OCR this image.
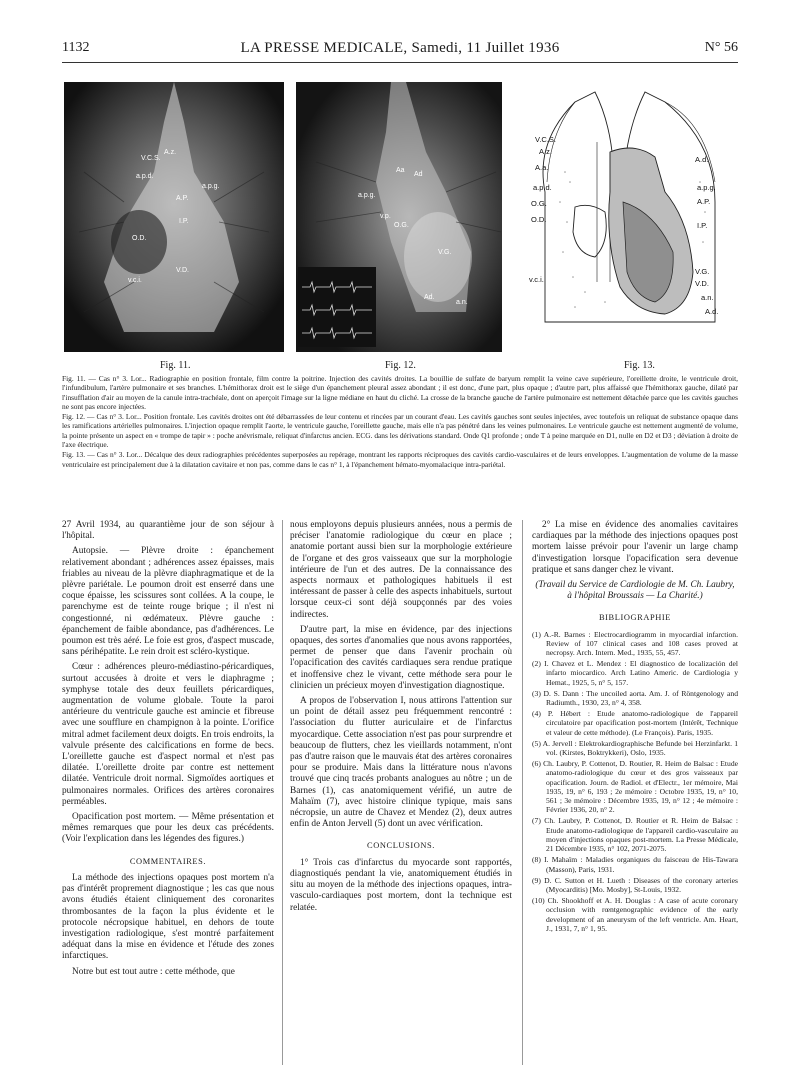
1132	LA PRESSE MEDICALE, Samedi, 11 Juillet 1936	N° 56
V.C.S.
A.z.
a.p.d.
a.p.g.
A.P.
I.P.
O.D.
V.D.
v.c.i.
Aa
Ad
a.p.g.
O.G.
v.p.
V.G.
Ad.
a.n.
V.C.S.
A.z.
A.a.
a.p.d.
O.G.
O.D.
v.c.i.
A.d.
a.p.g.
A.P.
I.P.
V.G.
V.D.
a.n.
A.d.
Fig. 11.	Fig. 12.	Fig. 13.

Fig. 11. — Cas n° 3. Lor... Radiographie en position frontale, film contre la poitrine. Injection des cavités droites. La bouillie de sulfate de baryum remplit la veine cave supérieure, l'oreillette droite, le ventricule droit, l'infundibulum, l'artère pulmonaire et ses branches. L'hémithorax droit est le siège d'un épanchement pleural assez abondant ; il est donc, d'une part, plus opaque ; d'autre part, plus affaissé que l'hémithorax gauche, dilaté par l'insufflation d'air au moyen de la canule intra-trachéale, dont on aperçoit l'image sur la ligne médiane en haut du cliché. La crosse de la branche gauche de l'artère pulmonaire est nettement détachée parce que les cavités gauches ne sont pas encore injectées.

Fig. 12. — Cas n° 3. Lor... Position frontale. Les cavités droites ont été débarrassées de leur contenu et rincées par un courant d'eau. Les cavités gauches sont seules injectées, avec toutefois un reliquat de substance opaque dans les ramifications artérielles pulmonaires. L'injection opaque remplit l'aorte, le ventricule gauche, l'oreillette gauche, mais elle n'a pas pénétré dans les veines pulmonaires. Le ventricule gauche est nettement augmenté de volume, la pointe présente un aspect en « trompe de tapir » : poche anévrismale, reliquat d'infarctus ancien. ECG. dans les dérivations standard. Onde Q1 profonde ; onde T à peine marquée en D1, nulle en D2 et D3 ; déviation à droite de l'axe électrique.

Fig. 13. — Cas n° 3. Lor... Décalque des deux radiographies précédentes superposées au repérage, montrant les rapports réciproques des cavités cardio-vasculaires et de leurs enveloppes. L'augmentation de volume de la masse ventriculaire est principalement due à la dilatation cavitaire et non pas, comme dans le cas n° 1, à l'épanchement hémato-myomalacique intra-pariétal.

27 Avril 1934, au quarantième jour de son séjour à l'hôpital.

Autopsie. — Plèvre droite : épanchement relativement abondant ; adhérences assez épaisses, mais friables au niveau de la plèvre diaphragmatique et de la plèvre pariétale. Le poumon droit est enserré dans une coque épaisse, les scissures sont collées. A la coupe, le parenchyme est de teinte rouge brique ; il n'est ni congestionné, ni œdémateux. Plèvre gauche : épanchement de faible abondance, pas d'adhérences. Le poumon est très aéré. Le foie est gros, d'aspect muscade, sans périhépatite. Le rein droit est scléro-kystique.

Cœur : adhérences pleuro-médiastino-péricardiques, surtout accusées à droite et vers le diaphragme ; symphyse totale des deux feuillets péricardiques, augmentation de volume globale. Toute la paroi antérieure du ventricule gauche est amincie et fibreuse avec une soufflure en champignon à la pointe. L'orifice mitral admet facilement deux doigts. En trois endroits, la valvule présente des calcifications en forme de becs. L'oreillette gauche est d'aspect normal et n'est pas dilatée. L'oreillette droite par contre est nettement dilatée. Ventricule droit normal. Sigmoïdes aortiques et pulmonaires normales. Orifices des artères coronaires perméables.

Opacification post mortem. — Même présentation et mêmes remarques que pour les deux cas précédents. (Voir l'explication dans les légendes des figures.)

COMMENTAIRES.

La méthode des injections opaques post mortem n'a pas d'intérêt proprement diagnostique ; les cas que nous avons étudiés étaient cliniquement des coronarites thrombosantes de la façon la plus évidente et le protocole nécropsique habituel, en dehors de toute investigation radiologique, s'est montré parfaitement adéquat dans la mise en évidence et l'étude des zones infarctiques.

Notre but est tout autre : cette méthode, que

nous employons depuis plusieurs années, nous a permis de préciser l'anatomie radiologique du cœur en place ; anatomie portant aussi bien sur la morphologie extérieure de l'organe et des gros vaisseaux que sur la morphologie intérieure de l'un et des autres. De la connaissance des aspects normaux et pathologiques habituels il est intéressant de passer à celle des aspects inhabituels, surtout lorsque ceux-ci sont déjà soupçonnés par des voies indirectes.

D'autre part, la mise en évidence, par des injections opaques, des sortes d'anomalies que nous avons rapportées, permet de penser que dans l'avenir prochain où l'opacification des cavités cardiaques sera rendue pratique et inoffensive chez le vivant, cette méthode sera pour le clinicien un précieux moyen d'investigation diagnostique.

A propos de l'observation I, nous attirons l'attention sur un point de détail assez peu fréquemment rencontré : l'association du flutter auriculaire et de l'infarctus myocardique. Cette association n'est pas pour surprendre et beaucoup de flutters, chez les vieillards notamment, n'ont pas d'autre raison que le mauvais état des artères coronaires pour se produire. Mais dans la littérature nous n'avons trouvé que cinq tracés probants analogues au nôtre ; un de Barnes (1), cas anatomiquement vérifié, un autre de Mahaïm (7), avec histoire clinique typique, mais sans nécropsie, un autre de Chavez et Mendez (2), deux autres enfin de Anton Jervell (5) dont un avec vérification.

CONCLUSIONS.

1° Trois cas d'infarctus du myocarde sont rapportés, diagnostiqués pendant la vie, anatomiquement étudiés in situ au moyen de la méthode des injections opaques, intra-vasculo-cardiaques post mortem, dont la technique est relatée.

2° La mise en évidence des anomalies cavitaires cardiaques par la méthode des injections opaques post mortem laisse prévoir pour l'avenir un large champ d'investigation lorsque l'opacification sera devenue pratique et sans danger chez le vivant.

(Travail du Service de Cardiologie de M. Ch. Laubry, à l'hôpital Broussais — La Charité.)

BIBLIOGRAPHIE

(1) A.-R. Barnes : Electrocardiogramm in myocardial infarction. Review of 107 clinical cases and 108 cases proved at necropsy. Arch. Intern. Med., 1935, 55, 457.

(2) I. Chavez et L. Mendez : El diagnostico de localización del infarto miocardico. Arch Latino Americ. de Cardiologia y Hemat., 1925, 5, n° 5, 157.

(3) D. S. Dann : The uncoiled aorta. Am. J. of Röntgenology and Radiumth., 1930, 23, n° 4, 358.

(4) P. Hébert : Etude anatomo-radiologique de l'appareil circulatoire par opacification post-mortem (Intérêt, Technique et valeur de cette méthode). (Le François). Paris, 1935.

(5) A. Jervell : Elektrokardiographische Befunde bei Herzinfarkt. 1 vol. (Kirstes, Boktrykkeri), Oslo, 1935.

(6) Ch. Laubry, P. Cottenot, D. Routier, R. Heim de Balsac : Etude anatomo-radiologique du cœur et des gros vaisseaux par opacification. Journ. de Radiol. et d'Electr., 1er mémoire, Mai 1935, 19, n° 6, 193 ; 2e mémoire : Octobre 1935, 19, n° 10, 561 ; 3e mémoire : Décembre 1935, 19, n° 12 ; 4e mémoire : Février 1936, 20, n° 2.

(7) Ch. Laubry, P. Cottenot, D. Routier et R. Heim de Balsac : Etude anatomo-radiologique de l'appareil cardio-vasculaire au moyen d'injections opaques post-mortem. La Presse Médicale, 21 Décembre 1935, n° 102, 2071-2075.

(8) I. Mahaïm : Maladies organiques du faisceau de His-Tawara (Masson), Paris, 1931.

(9) D. C. Sutton et H. Lueth : Diseases of the coronary arteries (Myocarditis) [Mo. Mosby], St-Louis, 1932.

(10) Ch. Shookhoff et A. H. Douglas : A case of acute coronary occlusion with rœntgenographic evidence of the early development of an aneurysm of the left ventricle. Am. Heart, J., 1931, 7, n° 1, 95.
